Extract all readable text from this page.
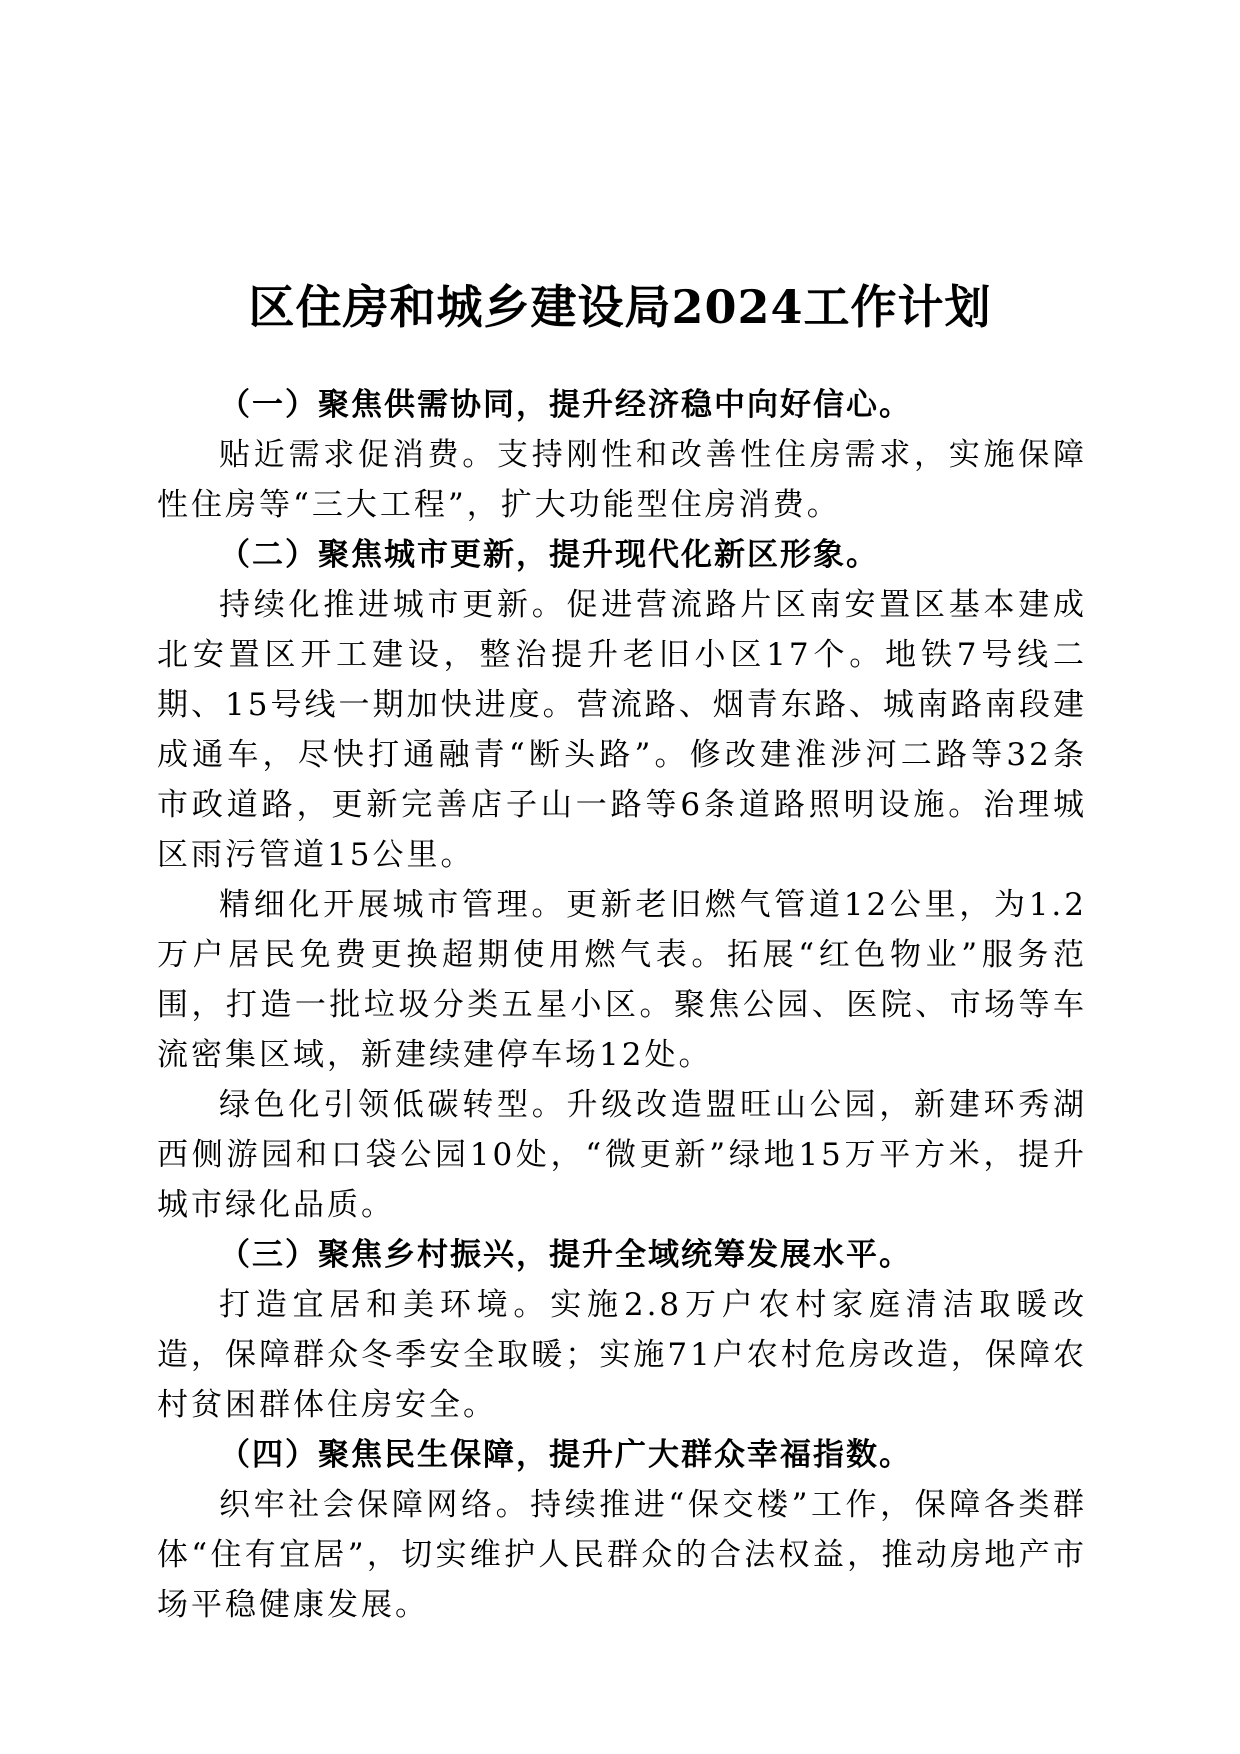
区住房和城乡建设局2024工作计划

（一）聚焦供需协同，提升经济稳中向好信心。

贴近需求促消费。支持刚性和改善性住房需求，实施保障性住房等“三大工程”，扩大功能型住房消费。

（二）聚焦城市更新，提升现代化新区形象。

持续化推进城市更新。促进营流路片区南安置区基本建成北安置区开工建设，整治提升老旧小区17个。地铁7号线二期、15号线一期加快进度。营流路、烟青东路、城南路南段建成通车，尽快打通融青“断头路”。修改建淮涉河二路等32条市政道路，更新完善店子山一路等6条道路照明设施。治理城区雨污管道15公里。

精细化开展城市管理。更新老旧燃气管道12公里，为1.2万户居民免费更换超期使用燃气表。拓展“红色物业”服务范围，打造一批垃圾分类五星小区。聚焦公园、医院、市场等车流密集区域，新建续建停车场12处。

绿色化引领低碳转型。升级改造盟旺山公园，新建环秀湖西侧游园和口袋公园10处，“微更新”绿地15万平方米，提升城市绿化品质。

（三）聚焦乡村振兴，提升全域统筹发展水平。

打造宜居和美环境。实施2.8万户农村家庭清洁取暖改造，保障群众冬季安全取暖；实施71户农村危房改造，保障农村贫困群体住房安全。

（四）聚焦民生保障，提升广大群众幸福指数。

织牢社会保障网络。持续推进“保交楼”工作，保障各类群体“住有宜居”，切实维护人民群众的合法权益，推动房地产市场平稳健康发展。
